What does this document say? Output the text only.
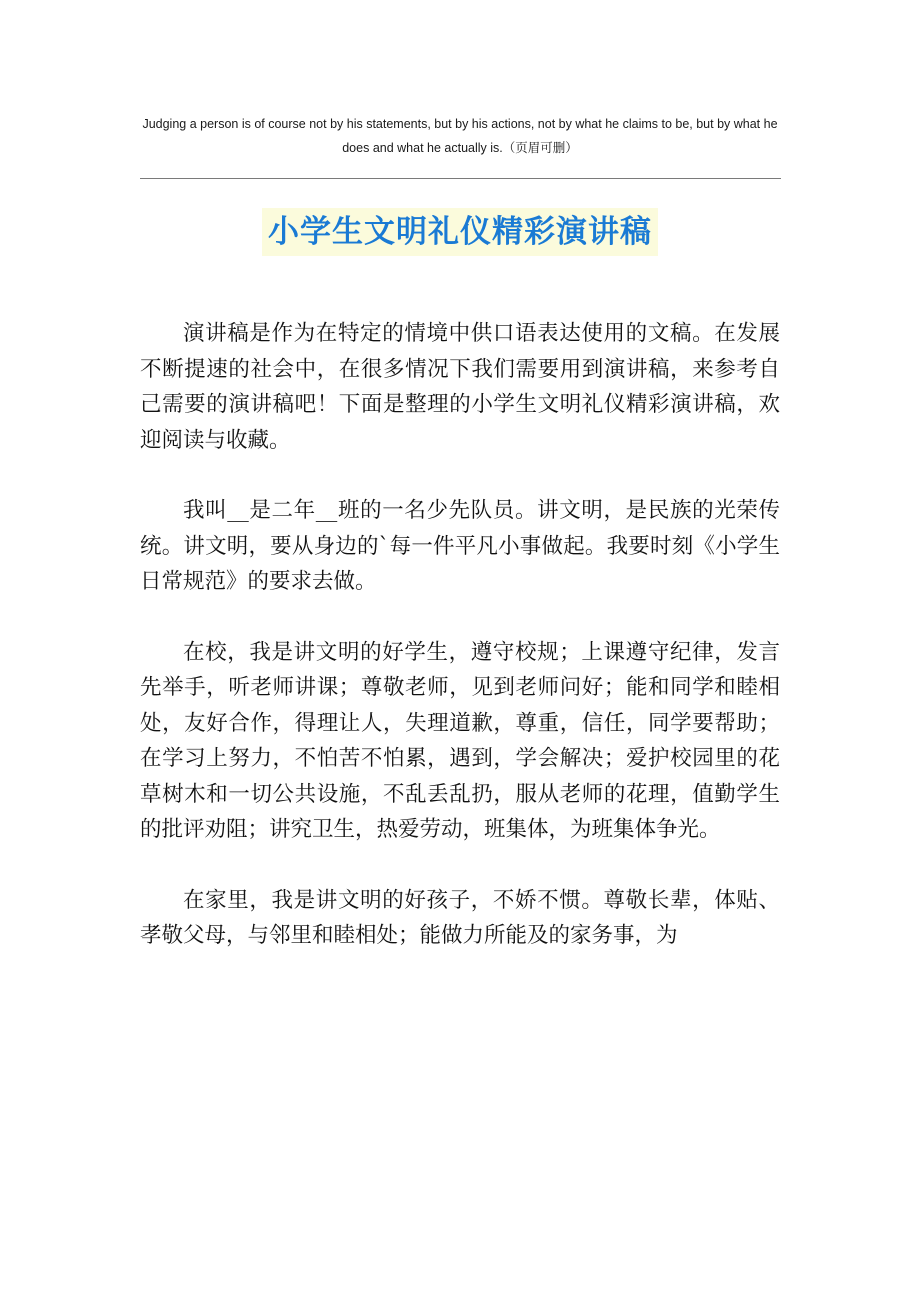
Judging a person is of course not by his statements, but by his actions, not by what he claims to be, but by what he does and what he actually is.（页眉可删）
小学生文明礼仪精彩演讲稿

演讲稿是作为在特定的情境中供口语表达使用的文稿。在发展不断提速的社会中，在很多情况下我们需要用到演讲稿，来参考自己需要的演讲稿吧！下面是整理的小学生文明礼仪精彩演讲稿，欢迎阅读与收藏。

我叫__是二年__班的一名少先队员。讲文明，是民族的光荣传统。讲文明，要从身边的`每一件平凡小事做起。我要时刻《小学生日常规范》的要求去做。

在校，我是讲文明的好学生，遵守校规；上课遵守纪律，发言先举手，听老师讲课；尊敬老师，见到老师问好；能和同学和睦相处，友好合作，得理让人，失理道歉，尊重，信任，同学要帮助；在学习上努力，不怕苦不怕累，遇到，学会解决；爱护校园里的花草树木和一切公共设施，不乱丢乱扔，服从老师的花理，值勤学生的批评劝阻；讲究卫生，热爱劳动，班集体，为班集体争光。

在家里，我是讲文明的好孩子，不娇不惯。尊敬长辈，体贴、孝敬父母，与邻里和睦相处；能做力所能及的家务事，为
